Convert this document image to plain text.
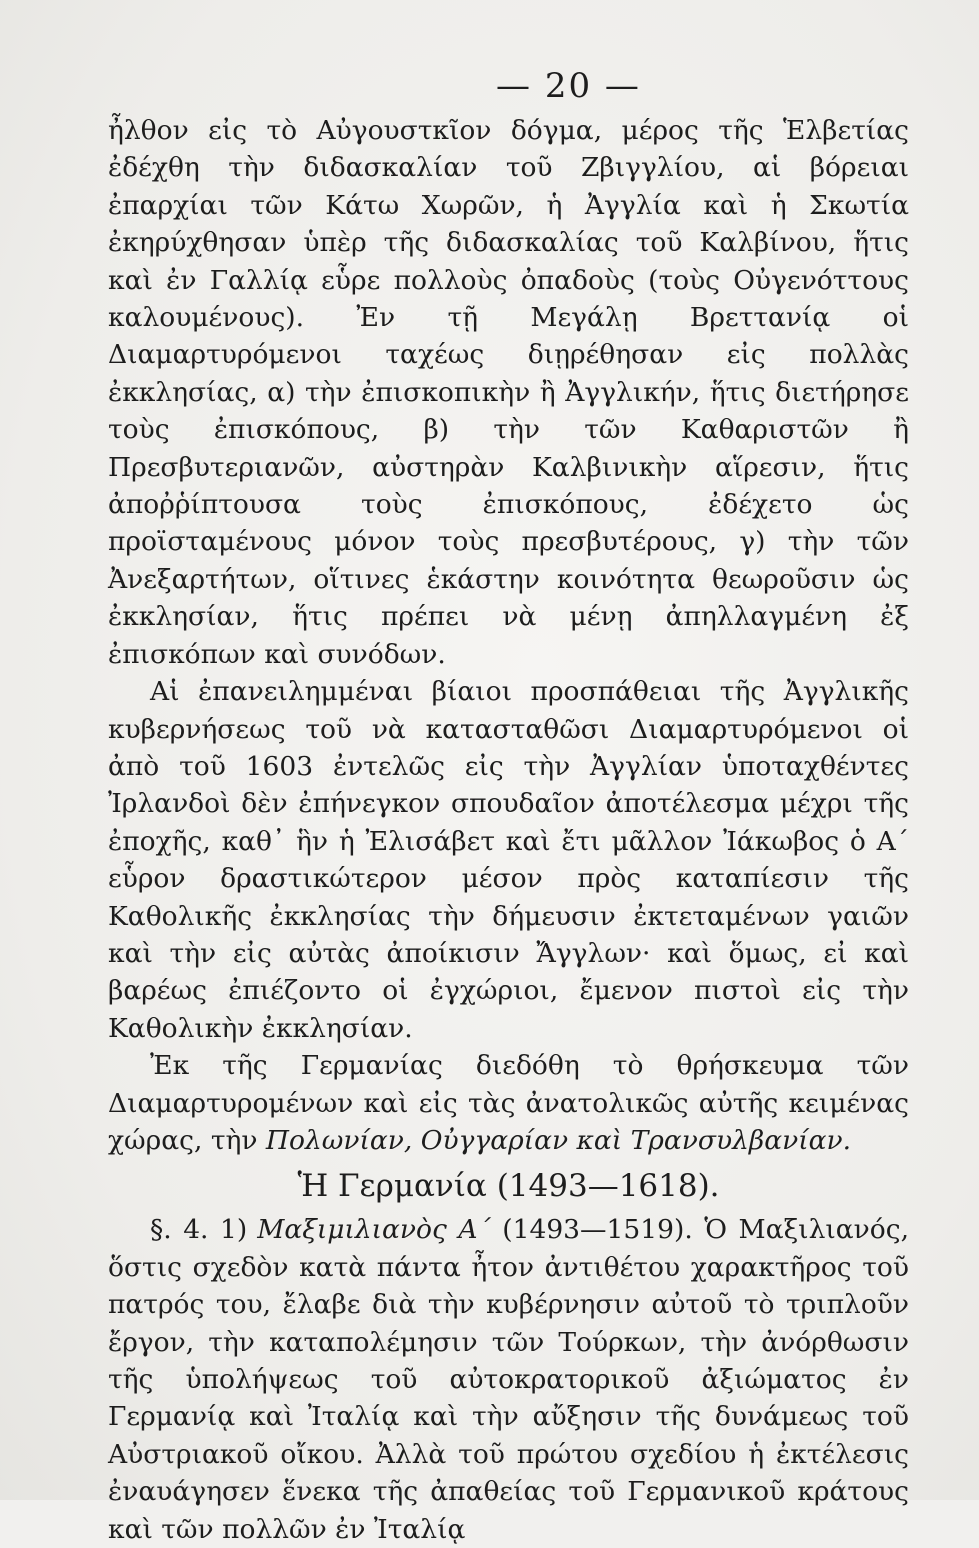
— 20 —

ἦλθον εἰς τὸ Αὐγουστκῖον δόγμα, μέρος τῆς Ἑλβετίας ἐδέχθη τὴν διδασκαλίαν τοῦ Ζβιγγλίου, αἱ βόρειαι ἐπαρχίαι τῶν Κάτω Χωρῶν, ἡ Ἀγγλία καὶ ἡ Σκωτία ἐκηρύχθησαν ὑπὲρ τῆς διδασκαλίας τοῦ Καλβίνου, ἥτις καὶ ἐν Γαλλίᾳ εὗρε πολλοὺς ὀπαδοὺς (τοὺς Οὐγενόττους καλουμένους). Ἐν τῇ Μεγάλῃ Βρεττανίᾳ οἱ Διαμαρτυρόμενοι ταχέως διῃρέθησαν εἰς πολλὰς ἐκκλησίας, α) τὴν ἐπισκοπικὴν ἢ Ἀγγλικήν, ἥτις διετήρησε τοὺς ἐπισκόπους, β) τὴν τῶν Καθαριστῶν ἢ Πρεσβυτεριανῶν, αὐστηρὰν Καλβινικὴν αἵρεσιν, ἥτις ἀποῤῥίπτουσα τοὺς ἐπισκόπους, ἐδέχετο ὡς προϊσταμένους μόνον τοὺς πρεσβυτέρους, γ) τὴν τῶν Ἀνεξαρτήτων, οἵτινες ἑκάστην κοινότητα θεωροῦσιν ὡς ἐκκλησίαν, ἥτις πρέπει νὰ μένῃ ἀπηλλαγμένη ἐξ ἐπισκόπων καὶ συνόδων.

Αἱ ἐπανειλημμέναι βίαιοι προσπάθειαι τῆς Ἀγγλικῆς κυβερνήσεως τοῦ νὰ κατασταθῶσι Διαμαρτυρόμενοι οἱ ἀπὸ τοῦ 1603 ἐντελῶς εἰς τὴν Ἀγγλίαν ὑποταχθέντες Ἰρλανδοὶ δὲν ἐπήνεγκον σπουδαῖον ἀποτέλεσμα μέχρι τῆς ἐποχῆς, καθ᾿ ἣν ἡ Ἐλισάβετ καὶ ἔτι μᾶλλον Ἰάκωβος ὁ Α΄ εὗρον δραστικώτερον μέσον πρὸς καταπίεσιν τῆς Καθολικῆς ἐκκλησίας τὴν δήμευσιν ἐκτεταμένων γαιῶν καὶ τὴν εἰς αὐτὰς ἀποίκισιν Ἄγγλων· καὶ ὅμως, εἰ καὶ βαρέως ἐπιέζοντο οἱ ἐγχώριοι, ἔμενον πιστοὶ εἰς τὴν Καθολικὴν ἐκκλησίαν.

Ἐκ τῆς Γερμανίας διεδόθη τὸ θρήσκευμα τῶν Διαμαρτυρομένων καὶ εἰς τὰς ἀνατολικῶς αὐτῆς κειμένας χώρας, τὴν Πολωνίαν, Οὐγγαρίαν καὶ Τρανσυλβανίαν.

Ἡ Γερμανία (1493—1618).

§. 4. 1) Μαξιμιλιανὸς Α΄ (1493—1519). Ὁ Μαξιλιανός, ὅστις σχεδὸν κατὰ πάντα ἦτον ἀντιθέτου χαρακτῆρος τοῦ πατρός του, ἔλαβε διὰ τὴν κυβέρνησιν αὐτοῦ τὸ τριπλοῦν ἔργον, τὴν καταπολέμησιν τῶν Τούρκων, τὴν ἀνόρθωσιν τῆς ὑπολήψεως τοῦ αὐτοκρατορικοῦ ἀξιώματος ἐν Γερμανίᾳ καὶ Ἰταλίᾳ καὶ τὴν αὔξησιν τῆς δυνάμεως τοῦ Αὐστριακοῦ οἴκου. Ἀλλὰ τοῦ πρώτου σχεδίου ἡ ἐκτέλεσις ἐναυάγησεν ἕνεκα τῆς ἀπαθείας τοῦ Γερμανικοῦ κράτους καὶ τῶν πολλῶν ἐν Ἰταλίᾳ
